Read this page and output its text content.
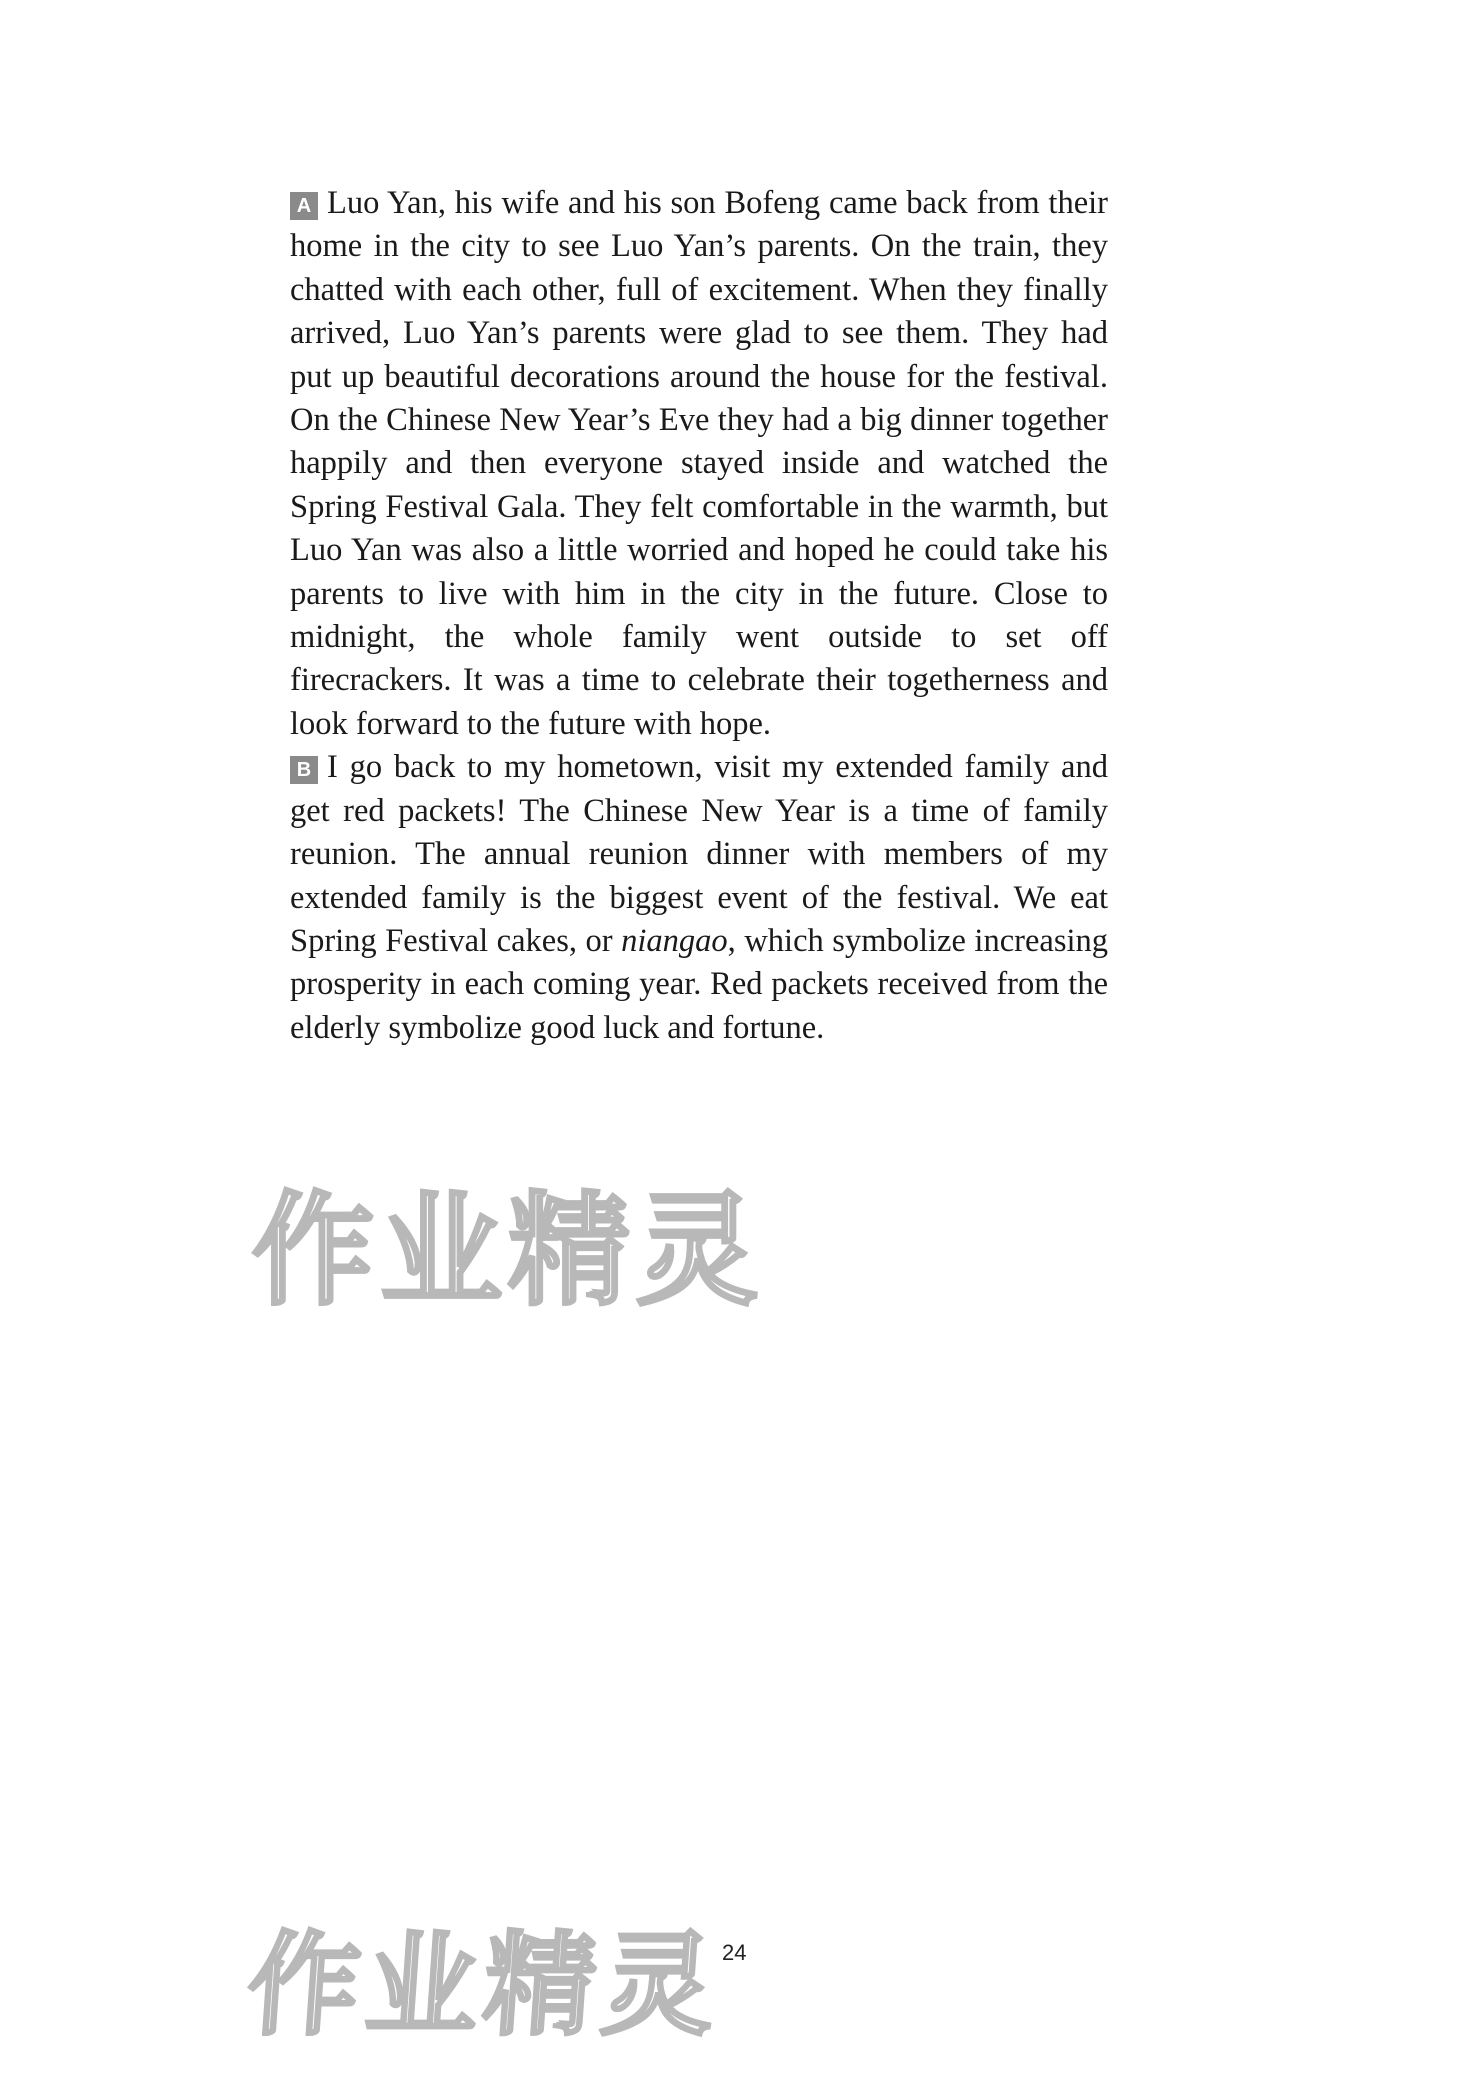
A Luo Yan, his wife and his son Bofeng came back from their home in the city to see Luo Yan’s parents. On the train, they chatted with each other, full of excitement. When they finally arrived, Luo Yan’s parents were glad to see them. They had put up beautiful decorations around the house for the festival. On the Chinese New Year’s Eve they had a big dinner together happily and then everyone stayed inside and watched the Spring Festival Gala. They felt comfortable in the warmth, but Luo Yan was also a little worried and hoped he could take his parents to live with him in the city in the future. Close to midnight, the whole family went outside to set off firecrackers. It was a time to celebrate their togetherness and look forward to the future with hope.

B I go back to my hometown, visit my extended family and get red packets! The Chinese New Year is a time of family reunion. The annual reunion dinner with members of my extended family is the biggest event of the festival. We eat Spring Festival cakes, or niangao, which symbolize increasing prosperity in each coming year. Red packets received from the elderly symbolize good luck and fortune.

作业精灵
作业精灵
24
